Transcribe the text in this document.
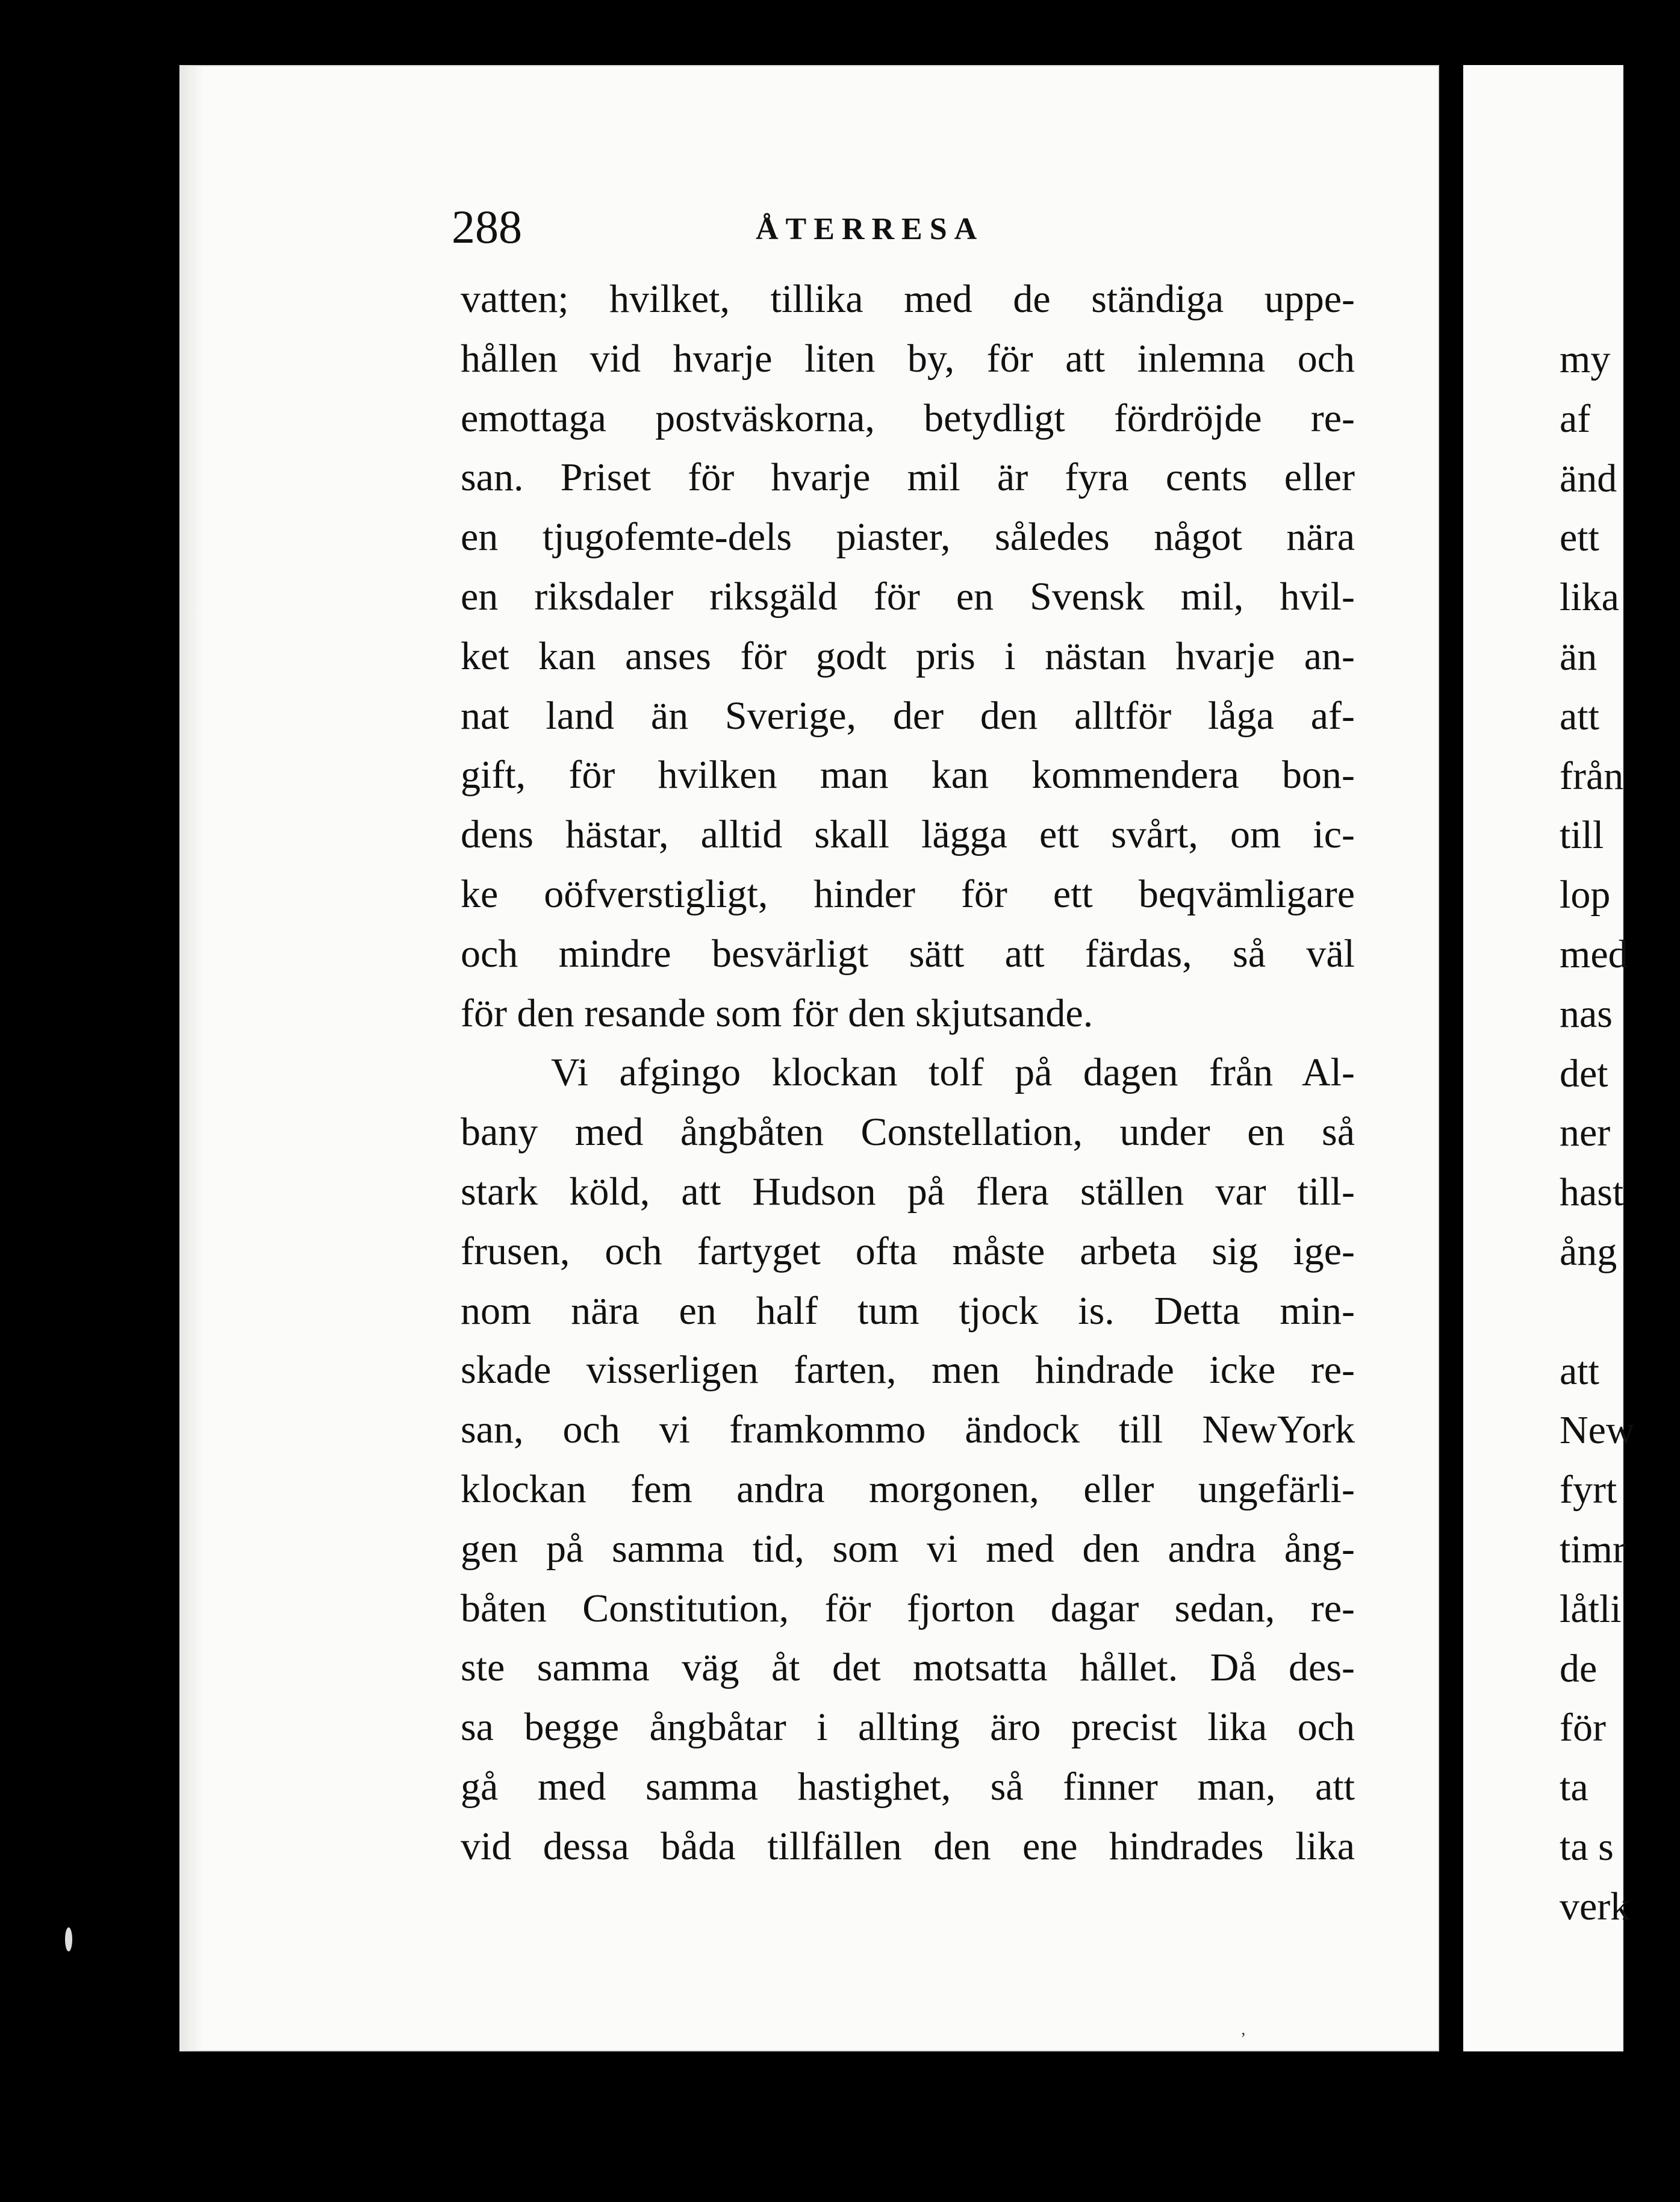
288	ÅTERRESA
vatten; hvilket, tillika med de ständiga uppe-
hållen vid hvarje liten by, för att inlemna och
emottaga postväskorna, betydligt fördröjde re-
san. Priset för hvarje mil är fyra cents eller
en tjugofemte-dels piaster, således något nära
en riksdaler riksgäld för en Svensk mil, hvil-
ket kan anses för godt pris i nästan hvarje an-
nat land än Sverige, der den alltför låga af-
gift, för hvilken man kan kommendera bon-
dens hästar, alltid skall lägga ett svårt, om ic-
ke oöfverstigligt, hinder för ett beqvämligare
och mindre besvärligt sätt att färdas, så väl
för den resande som för den skjutsande.
Vi afgingo klockan tolf på dagen från Al-
bany med ångbåten Constellation, under en så
stark köld, att Hudson på flera ställen var till-
frusen, och fartyget ofta måste arbeta sig ige-
nom nära en half tum tjock is. Detta min-
skade visserligen farten, men hindrade icke re-
san, och vi framkommo ändock till NewYork
klockan fem andra morgonen, eller ungefärli-
gen på samma tid, som vi med den andra ång-
båten Constitution, för fjorton dagar sedan, re-
ste samma väg åt det motsatta hållet. Då des-
sa begge ångbåtar i allting äro precist lika och
gå med samma hastighet, så finner man, att
vid dessa båda tillfällen den ene hindrades lika
’
my
af
änd
ett
lika
än
att
från
till
lop
med
nas
det
ner
hast
ång
att
New
fyrt
timr
låtli
de
för
ta
ta s
verk
